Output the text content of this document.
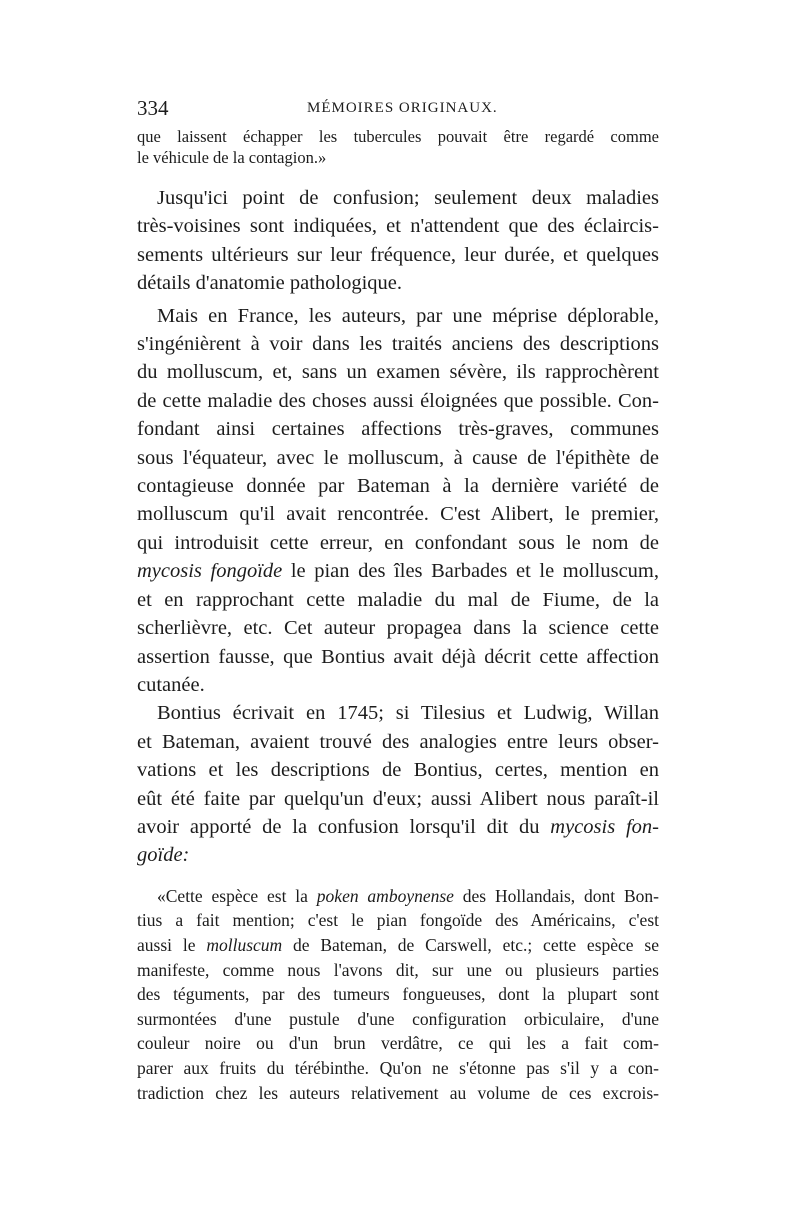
334	MÉMOIRES ORIGINAUX.
que laissent échapper les tubercules pouvait être regardé comme
le véhicule de la contagion.»
Jusqu'ici point de confusion; seulement deux maladies
très-voisines sont indiquées, et n'attendent que des éclaircis-
sements ultérieurs sur leur fréquence, leur durée, et quelques
détails d'anatomie pathologique.
Mais en France, les auteurs, par une méprise déplorable,
s'ingénièrent à voir dans les traités anciens des descriptions
du molluscum, et, sans un examen sévère, ils rapprochèrent
de cette maladie des choses aussi éloignées que possible. Con-
fondant ainsi certaines affections très-graves, communes
sous l'équateur, avec le molluscum, à cause de l'épithète de
contagieuse donnée par Bateman à la dernière variété de
molluscum qu'il avait rencontrée. C'est Alibert, le premier,
qui introduisit cette erreur, en confondant sous le nom de
mycosis fongoïde le pian des îles Barbades et le molluscum,
et en rapprochant cette maladie du mal de Fiume, de la
scherlièvre, etc. Cet auteur propagea dans la science cette
assertion fausse, que Bontius avait déjà décrit cette affection
cutanée.
Bontius écrivait en 1745; si Tilesius et Ludwig, Willan
et Bateman, avaient trouvé des analogies entre leurs obser-
vations et les descriptions de Bontius, certes, mention en
eût été faite par quelqu'un d'eux; aussi Alibert nous paraît-il
avoir apporté de la confusion lorsqu'il dit du mycosis fon-
goïde:
«Cette espèce est la poken amboynense des Hollandais, dont Bon-
tius a fait mention; c'est le pian fongoïde des Américains, c'est
aussi le molluscum de Bateman, de Carswell, etc.; cette espèce se
manifeste, comme nous l'avons dit, sur une ou plusieurs parties
des téguments, par des tumeurs fongueuses, dont la plupart sont
surmontées d'une pustule d'une configuration orbiculaire, d'une
couleur noire ou d'un brun verdâtre, ce qui les a fait com-
parer aux fruits du térébinthe. Qu'on ne s'étonne pas s'il y a con-
tradiction chez les auteurs relativement au volume de ces excrois-
